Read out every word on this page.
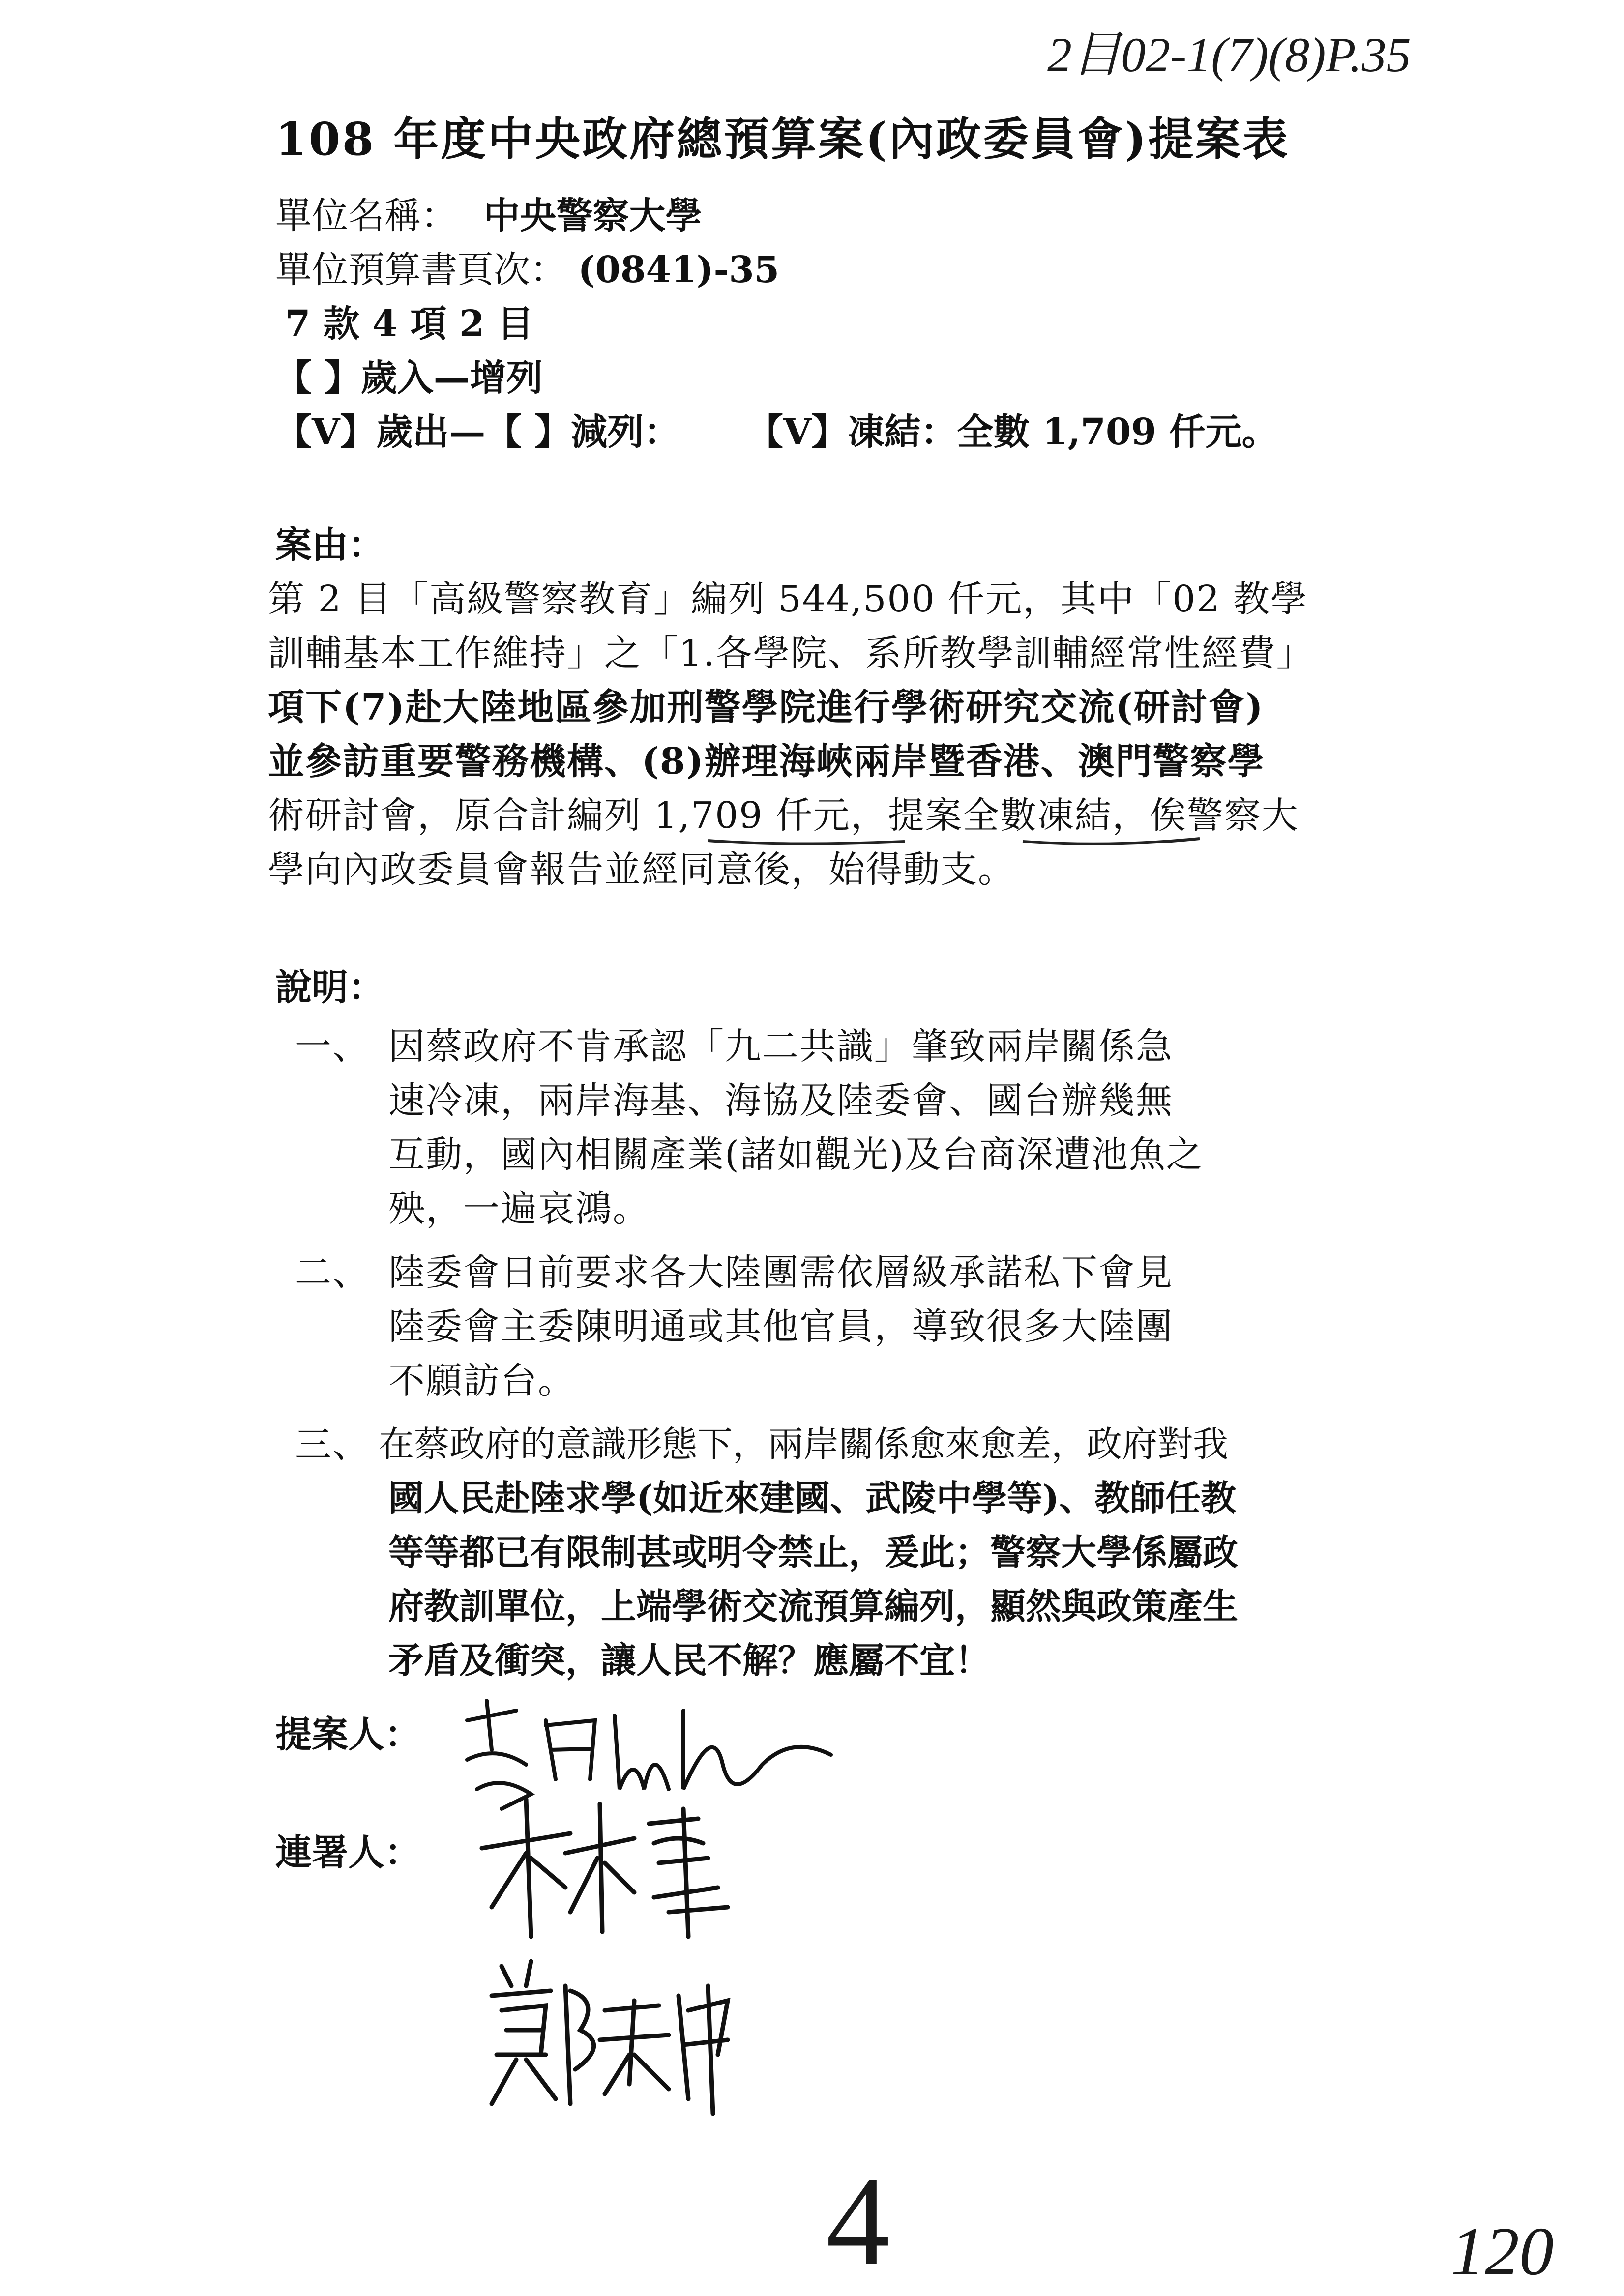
2目02-1(7)(8)P.35
108 年度中央政府總預算案(內政委員會)提案表
單位名稱： 中央警察大學
單位預算書頁次： (0841)-35
7 款 4 項 2 目
【 】歲入—增列
【V】歲出—【 】減列： 【V】凍結：全數 1,709 仟元。
案由：
第 2 目「高級警察教育」編列 544,500 仟元，其中「02 教學
訓輔基本工作維持」之「1.各學院、系所教學訓輔經常性經費」
項下(7)赴大陸地區參加刑警學院進行學術研究交流(研討會)
並參訪重要警務機構、(8)辦理海峽兩岸暨香港、澳門警察學
術研討會，原合計編列 1,709 仟元，提案全數凍結，俟警察大
學向內政委員會報告並經同意後，始得動支。
說明：
一、 因蔡政府不肯承認「九二共識」肇致兩岸關係急
速冷凍，兩岸海基、海協及陸委會、國台辦幾無
互動，國內相關產業(諸如觀光)及台商深遭池魚之
殃，一遍哀鴻。
二、 陸委會日前要求各大陸團需依層級承諾私下會見
陸委會主委陳明通或其他官員，導致很多大陸團
不願訪台。
三、 在蔡政府的意識形態下，兩岸關係愈來愈差，政府對我
國人民赴陸求學(如近來建國、武陵中學等)、教師任教
等等都已有限制甚或明令禁止，爰此；警察大學係屬政
府教訓單位，上端學術交流預算編列，顯然與政策產生
矛盾及衝突，讓人民不解？應屬不宜！
提案人：
連署人：
4	120
